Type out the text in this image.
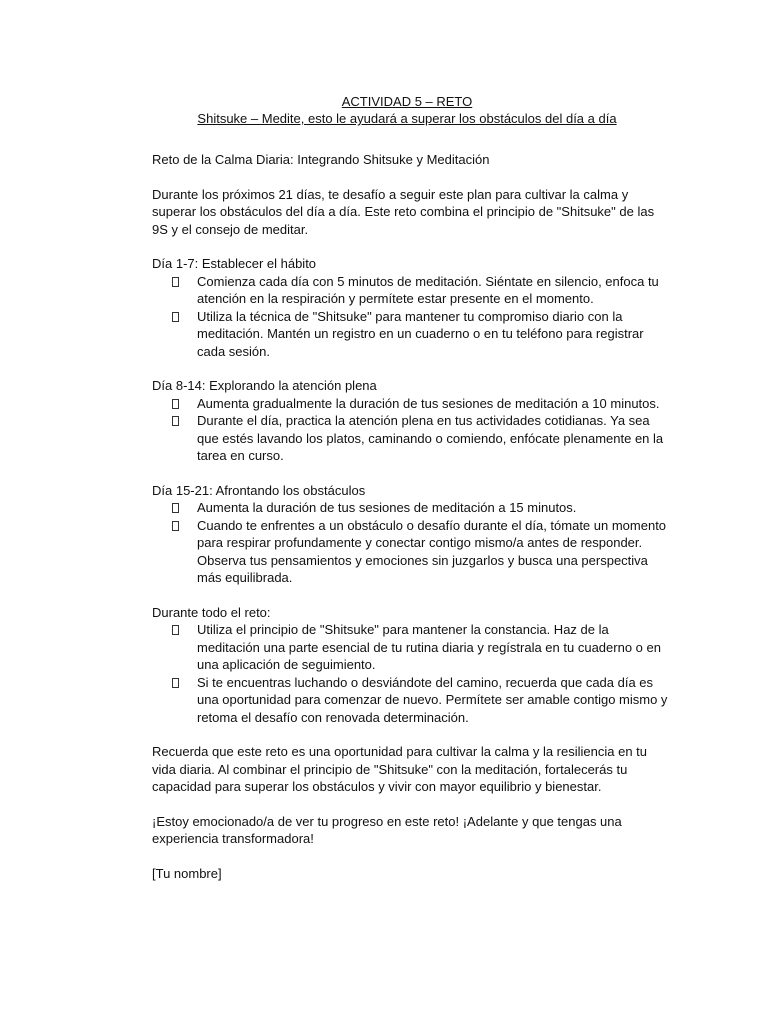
ACTIVIDAD 5 – RETO
Shitsuke – Medite, esto le ayudará a superar los obstáculos del día a día

Reto de la Calma Diaria: Integrando Shitsuke y Meditación

Durante los próximos 21 días, te desafío a seguir este plan para cultivar la calma y superar los obstáculos del día a día. Este reto combina el principio de "Shitsuke" de las 9S y el consejo de meditar.

Día 1-7: Establecer el hábito

Comienza cada día con 5 minutos de meditación. Siéntate en silencio, enfoca tu atención en la respiración y permítete estar presente en el momento.
Utiliza la técnica de "Shitsuke" para mantener tu compromiso diario con la meditación. Mantén un registro en un cuaderno o en tu teléfono para registrar cada sesión.

Día 8-14: Explorando la atención plena

Aumenta gradualmente la duración de tus sesiones de meditación a 10 minutos.
Durante el día, practica la atención plena en tus actividades cotidianas. Ya sea que estés lavando los platos, caminando o comiendo, enfócate plenamente en la tarea en curso.

Día 15-21: Afrontando los obstáculos

Aumenta la duración de tus sesiones de meditación a 15 minutos.
Cuando te enfrentes a un obstáculo o desafío durante el día, tómate un momento para respirar profundamente y conectar contigo mismo/a antes de responder. Observa tus pensamientos y emociones sin juzgarlos y busca una perspectiva más equilibrada.

Durante todo el reto:

Utiliza el principio de "Shitsuke" para mantener la constancia. Haz de la meditación una parte esencial de tu rutina diaria y regístrala en tu cuaderno o en una aplicación de seguimiento.
Si te encuentras luchando o desviándote del camino, recuerda que cada día es una oportunidad para comenzar de nuevo. Permítete ser amable contigo mismo y retoma el desafío con renovada determinación.

Recuerda que este reto es una oportunidad para cultivar la calma y la resiliencia en tu vida diaria. Al combinar el principio de "Shitsuke" con la meditación, fortalecerás tu capacidad para superar los obstáculos y vivir con mayor equilibrio y bienestar.

¡Estoy emocionado/a de ver tu progreso en este reto! ¡Adelante y que tengas una experiencia transformadora!

[Tu nombre]
